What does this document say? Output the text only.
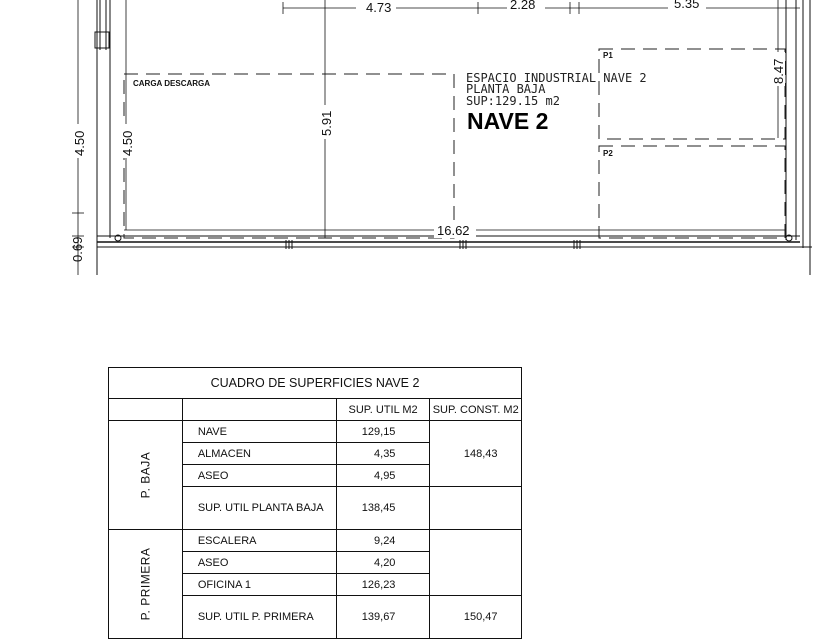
4.73	2.28	5.35
8.47
5.91
16.62
4.50	4.50
0.69
CARGA DESCARGA	ESPACIO INDUSTRIAL NAVE 2
PLANTA BAJA
SUP:129.15 m2
NAVE 2
P1
P2
CUADRO DE SUPERFICIES NAVE 2			
		SUP. UTIL M2	SUP. CONST. M2
P. BAJA	NAVE	129,15	148,43
	ALMACEN	4,35	
	ASEO	4,95	
	SUP. UTIL PLANTA BAJA	138,45	
P. PRIMERA	ESCALERA	9,24	
	ASEO	4,20	
	OFICINA 1	126,23	
	SUP. UTIL P. PRIMERA	139,67	150,47
